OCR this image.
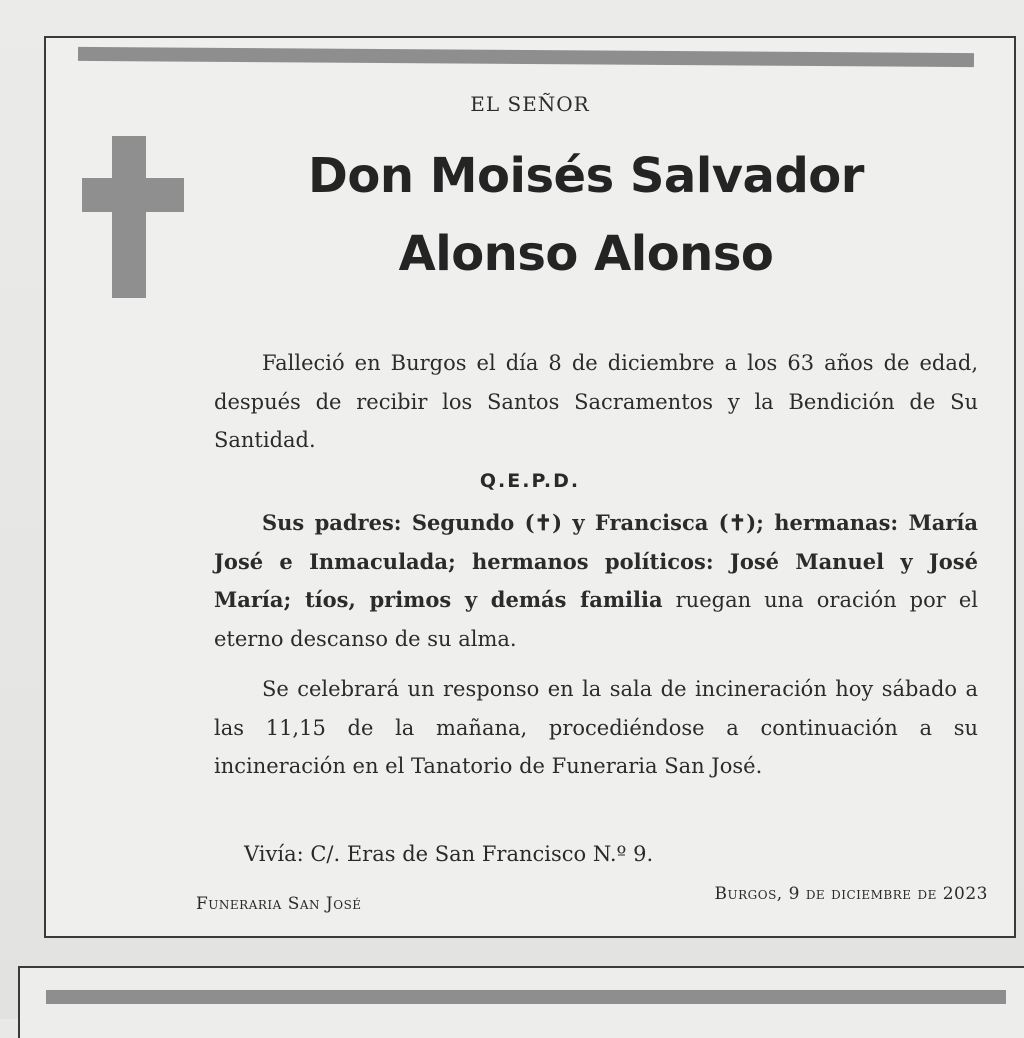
EL SEÑOR
Don Moisés Salvador
Alonso Alonso
Falleció en Burgos el día 8 de diciembre a los 63 años de edad, después de recibir los Santos Sacramentos y la Bendición de Su Santidad.
Q.E.P.D.
Sus padres: Segundo (✝) y Francisca (✝); hermanas: María José e Inmaculada; hermanos políticos: José Manuel y José María; tíos, primos y demás familia ruegan una oración por el eterno descanso de su alma.
Se celebrará un responso en la sala de incineración hoy sábado a las 11,15 de la mañana, procediéndose a continuación a su incineración en el Tanatorio de Funeraria San José.
Vivía: C/. Eras de San Francisco N.º 9.
Funeraria San José	Burgos, 9 de diciembre de 2023
